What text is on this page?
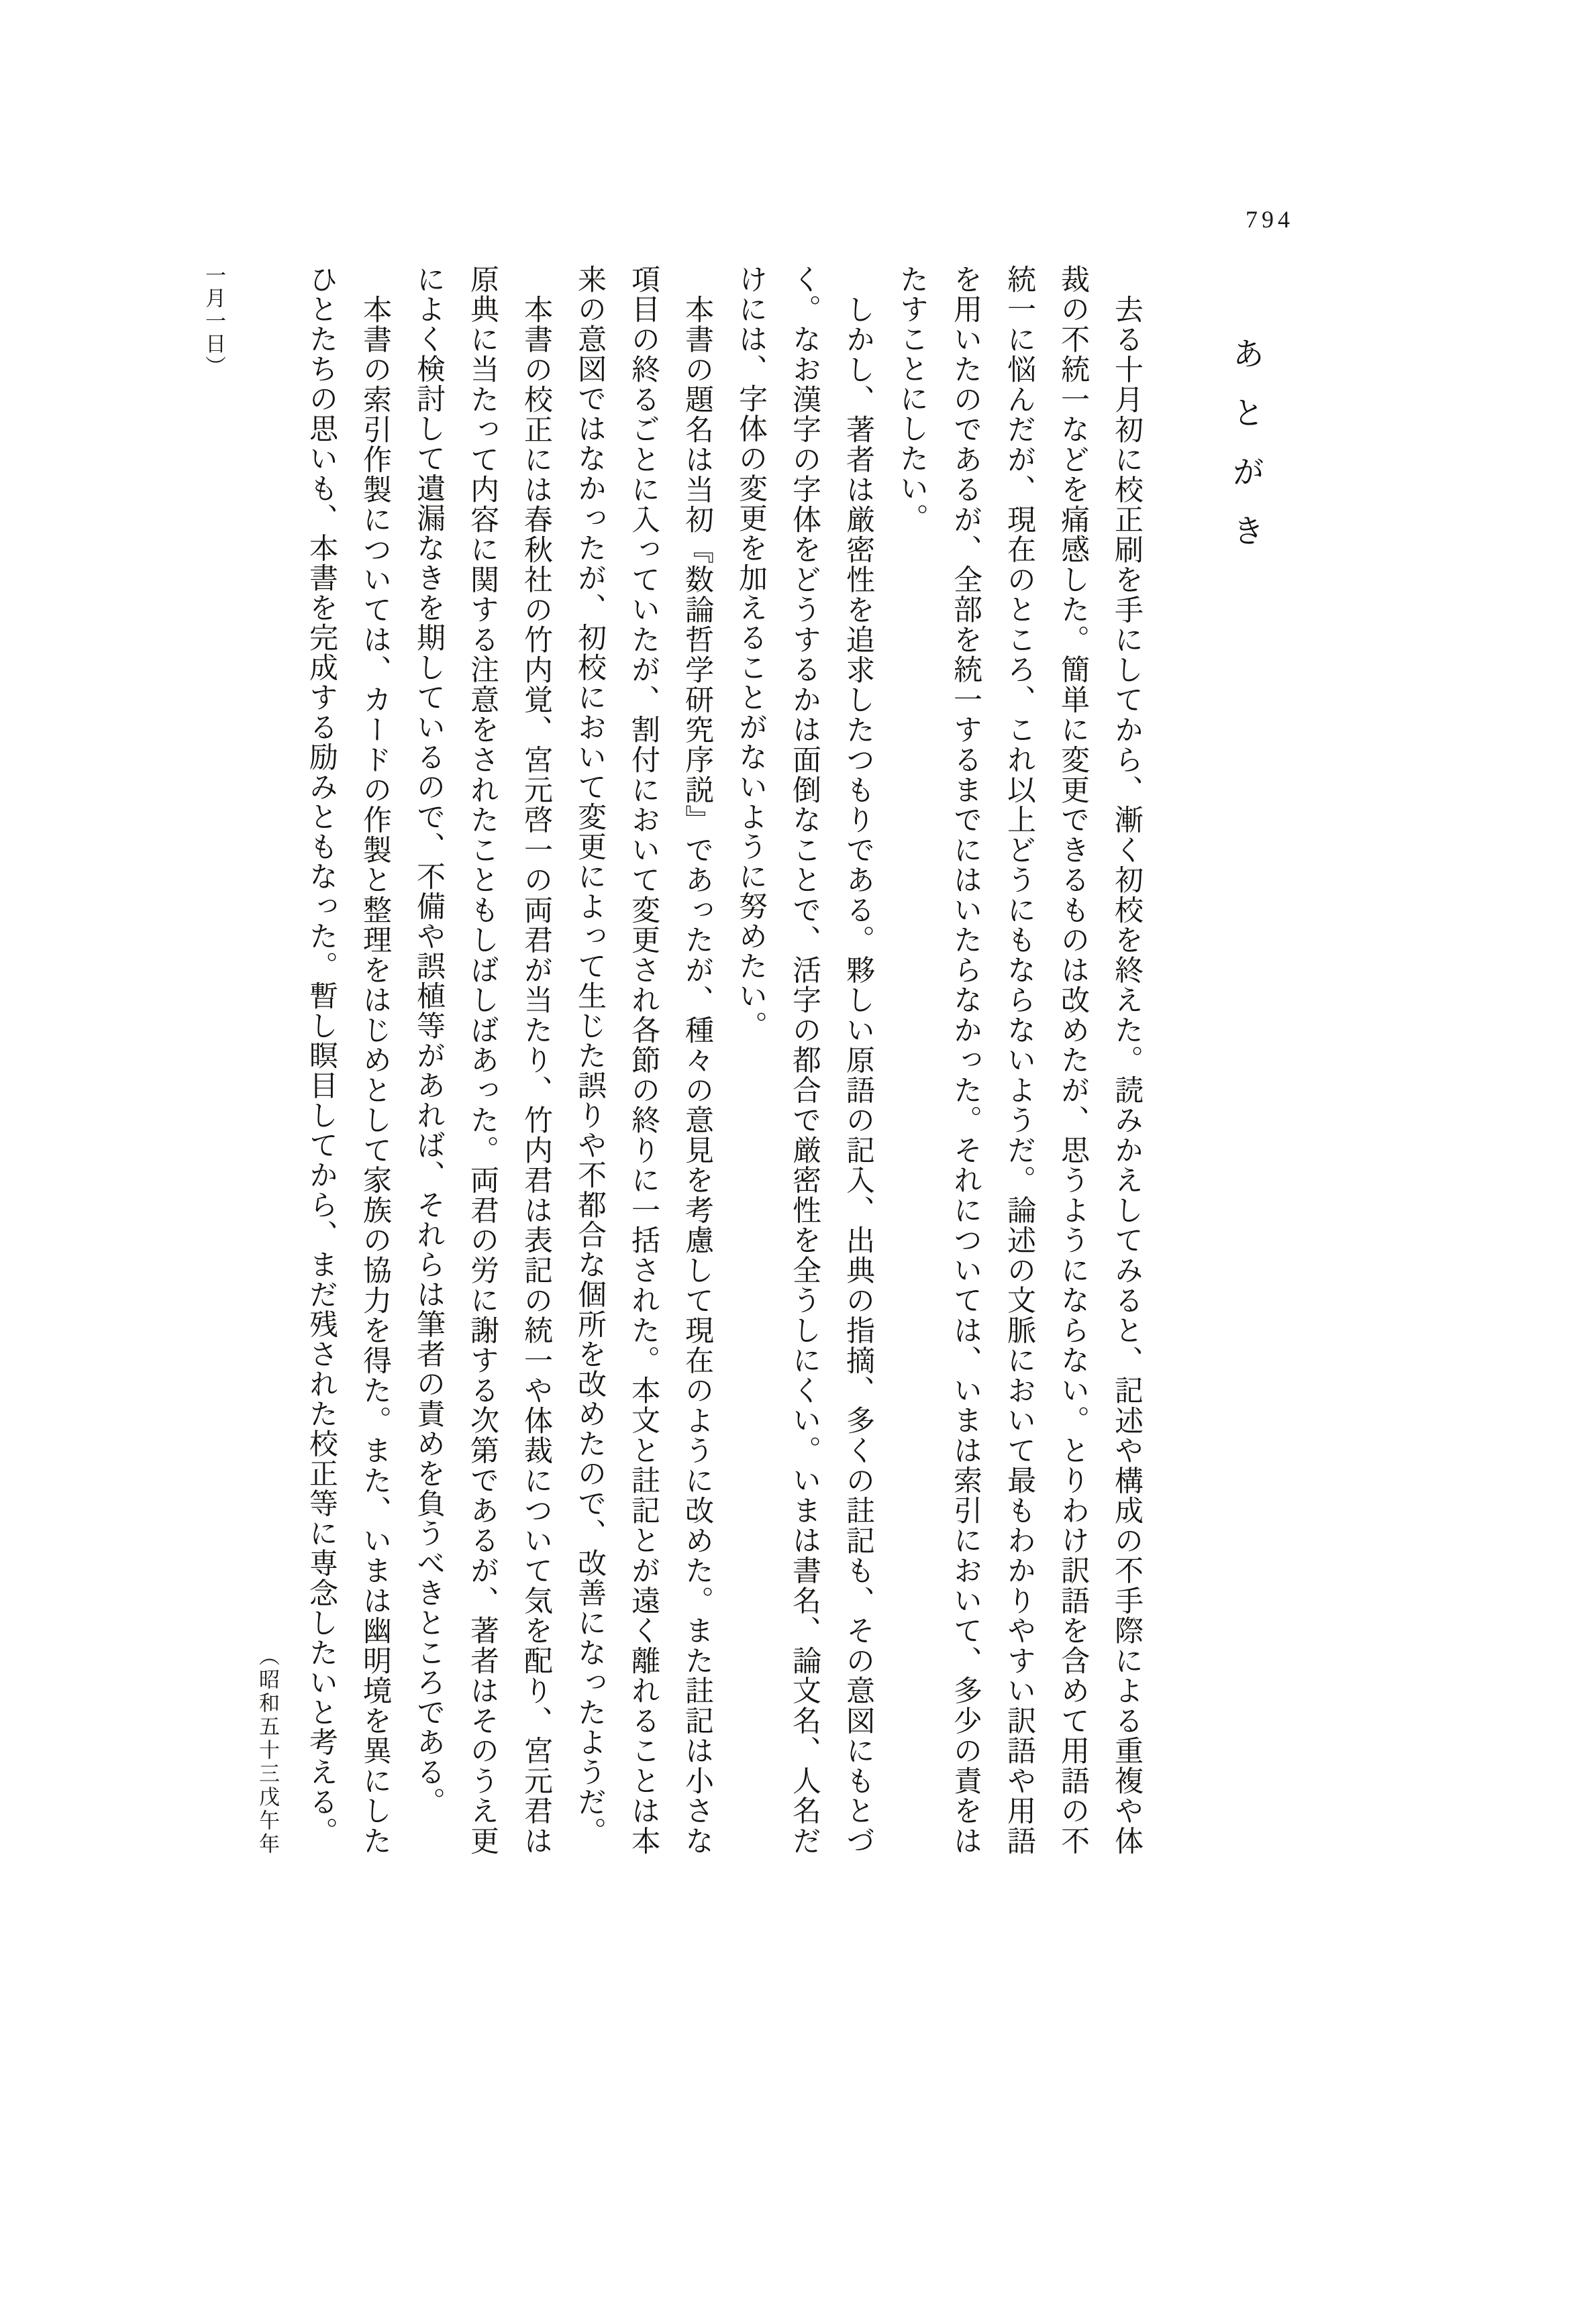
794
あとがき

去る十月初に校正刷を手にしてから、漸く初校を終えた。読みかえしてみると、記述や構成の不手際による重複や体裁の不統一などを痛感した。簡単に変更できるものは改めたが、思うようにならない。とりわけ訳語を含めて用語の不統一に悩んだが、現在のところ、これ以上どうにもならないようだ。論述の文脈において最もわかりやすい訳語や用語を用いたのであるが、全部を統一するまでにはいたらなかった。それについては、いまは索引において、多少の責をはたすことにしたい。

しかし、著者は厳密性を追求したつもりである。夥しい原語の記入、出典の指摘、多くの註記も、その意図にもとづく。なお漢字の字体をどうするかは面倒なことで、活字の都合で厳密性を全うしにくい。いまは書名、論文名、人名だけには、字体の変更を加えることがないように努めたい。

本書の題名は当初『数論哲学研究序説』であったが、種々の意見を考慮して現在のように改めた。また註記は小さな項目の終るごとに入っていたが、割付において変更され各節の終りに一括された。本文と註記とが遠く離れることは本来の意図ではなかったが、初校において変更によって生じた誤りや不都合な個所を改めたので、改善になったようだ。

本書の校正には春秋社の竹内覚、宮元啓一の両君が当たり、竹内君は表記の統一や体裁について気を配り、宮元君は原典に当たって内容に関する注意をされたこともしばしばあった。両君の労に謝する次第であるが、著者はそのうえ更によく検討して遺漏なきを期しているので、不備や誤植等があれば、それらは筆者の責めを負うべきところである。

本書の索引作製については、カードの作製と整理をはじめとして家族の協力を得た。また、いまは幽明境を異にしたひとたちの思いも、本書を完成する励みともなった。暫し瞑目してから、まだ残された校正等に専念したいと考える。

（昭和五十三戊午年一月一日）
